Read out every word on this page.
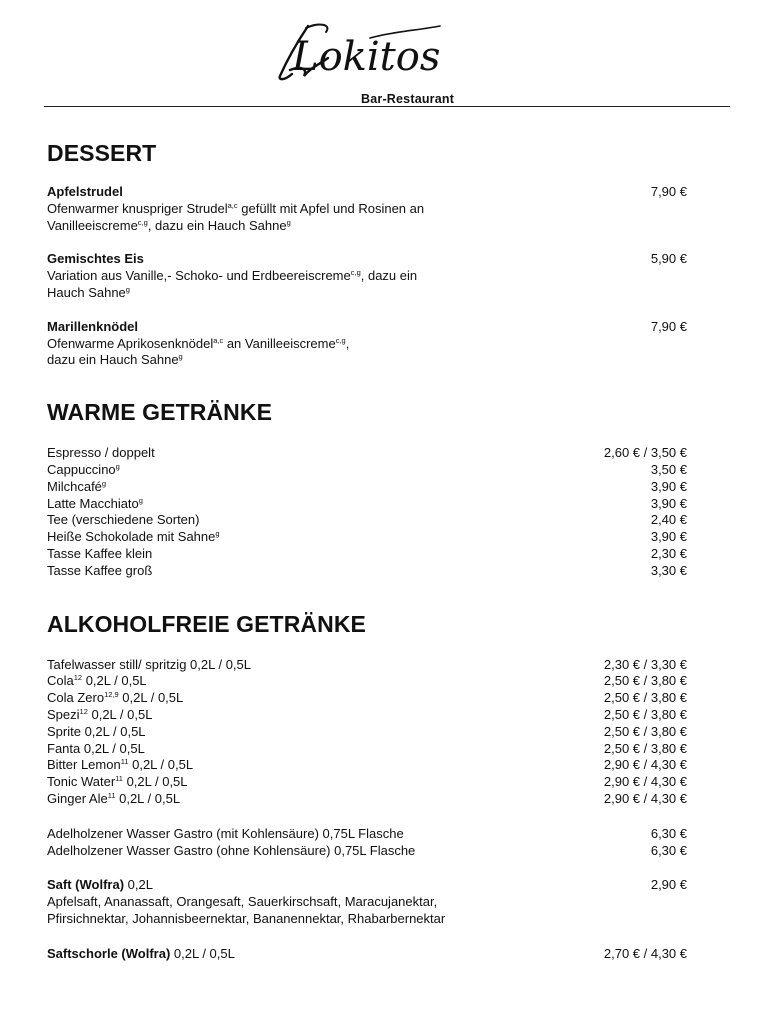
Lokitos
Bar-Restaurant
DESSERT
Apfelstrudel	7,90 €
Ofenwarmer knuspriger Strudel$^{a,c}$ gefüllt mit Apfel und Rosinen an
Vanilleeiscreme$^{c,g}$, dazu ein Hauch Sahne$^g$
Gemischtes Eis	5,90 €
Variation aus Vanille,- Schoko- und Erdbeereiscreme$^{c,g}$, dazu ein
Hauch Sahne$^g$
Marillenknödel	7,90 €
Ofenwarme Aprikosenknödel$^{a,c}$ an Vanilleeiscreme$^{c,g}$,
dazu ein Hauch Sahne$^g$
WARME GETRÄNKE
Espresso / doppelt	2,60 € / 3,50 €
Cappuccino$^g$	3,50 €
Milchcafé$^g$	3,90 €
Latte Macchiato$^g$	3,90 €
Tee (verschiedene Sorten)	2,40 €
Heiße Schokolade mit Sahne$^g$	3,90 €
Tasse Kaffee klein	2,30 €
Tasse Kaffee groß	3,30 €
ALKOHOLFREIE GETRÄNKE
Tafelwasser still/ spritzig 0,2L / 0,5L	2,30 € / 3,30 €
Cola$^{12}$ 0,2L / 0,5L	2,50 € / 3,80 €
Cola Zero$^{12,9}$ 0,2L / 0,5L	2,50 € / 3,80 €
Spezi$^{12}$ 0,2L / 0,5L	2,50 € / 3,80 €
Sprite 0,2L / 0,5L	2,50 € / 3,80 €
Fanta 0,2L / 0,5L	2,50 € / 3,80 €
Bitter Lemon$^{11}$ 0,2L / 0,5L	2,90 € / 4,30 €
Tonic Water$^{11}$ 0,2L / 0,5L	2,90 € / 4,30 €
Ginger Ale$^{11}$ 0,2L / 0,5L	2,90 € / 4,30 €
Adelholzener Wasser Gastro (mit Kohlensäure) 0,75L Flasche	6,30 €
Adelholzener Wasser Gastro (ohne Kohlensäure) 0,75L Flasche	6,30 €
Saft (Wolfra) 0,2L	2,90 €
Apfelsaft, Ananassaft, Orangesaft, Sauerkirschsaft, Maracujanektar,
Pfirsichnektar, Johannisbeernektar, Bananennektar, Rhabarbernektar
Saftschorle (Wolfra) 0,2L / 0,5L	2,70 € / 4,30 €
